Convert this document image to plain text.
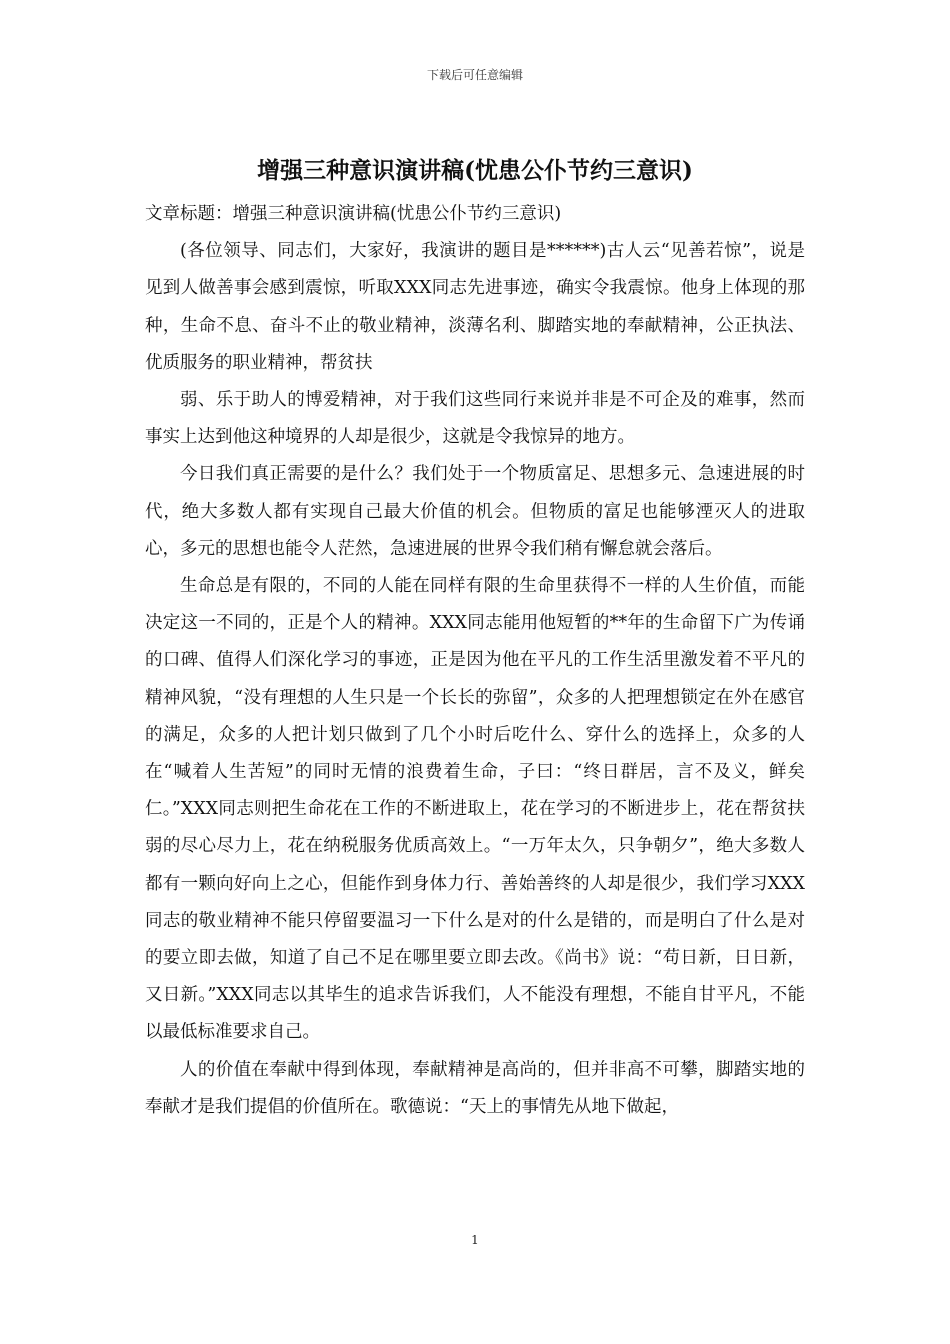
下载后可任意编辑
增强三种意识演讲稿(忧患公仆节约三意识)

文章标题：增强三种意识演讲稿(忧患公仆节约三意识)

(各位领导、同志们，大家好，我演讲的题目是******)古人云“见善若惊”，说是见到人做善事会感到震惊，听取XXX同志先进事迹，确实令我震惊。他身上体现的那种，生命不息、奋斗不止的敬业精神，淡薄名利、脚踏实地的奉献精神，公正执法、优质服务的职业精神，帮贫扶

弱、乐于助人的博爱精神，对于我们这些同行来说并非是不可企及的难事，然而事实上达到他这种境界的人却是很少，这就是令我惊异的地方。

今日我们真正需要的是什么？我们处于一个物质富足、思想多元、急速进展的时代，绝大多数人都有实现自己最大价值的机会。但物质的富足也能够湮灭人的进取心，多元的思想也能令人茫然，急速进展的世界令我们稍有懈怠就会落后。

生命总是有限的，不同的人能在同样有限的生命里获得不一样的人生价值，而能决定这一不同的，正是个人的精神。XXX同志能用他短暂的**年的生命留下广为传诵的口碑、值得人们深化学习的事迹，正是因为他在平凡的工作生活里激发着不平凡的精神风貌，“没有理想的人生只是一个长长的弥留”，众多的人把理想锁定在外在感官的满足，众多的人把计划只做到了几个小时后吃什么、穿什么的选择上，众多的人在“喊着人生苦短”的同时无情的浪费着生命，子曰：“终日群居，言不及义，鲜矣仁。”XXX同志则把生命花在工作的不断进取上，花在学习的不断进步上，花在帮贫扶弱的尽心尽力上，花在纳税服务优质高效上。“一万年太久，只争朝夕”，绝大多数人都有一颗向好向上之心，但能作到身体力行、善始善终的人却是很少，我们学习XXX同志的敬业精神不能只停留要温习一下什么是对的什么是错的，而是明白了什么是对的要立即去做，知道了自己不足在哪里要立即去改。《尚书》说：“苟日新，日日新，又日新。”XXX同志以其毕生的追求告诉我们，人不能没有理想，不能自甘平凡，不能以最低标准要求自己。

人的价值在奉献中得到体现，奉献精神是高尚的，但并非高不可攀，脚踏实地的奉献才是我们提倡的价值所在。歌德说：“天上的事情先从地下做起，

1
